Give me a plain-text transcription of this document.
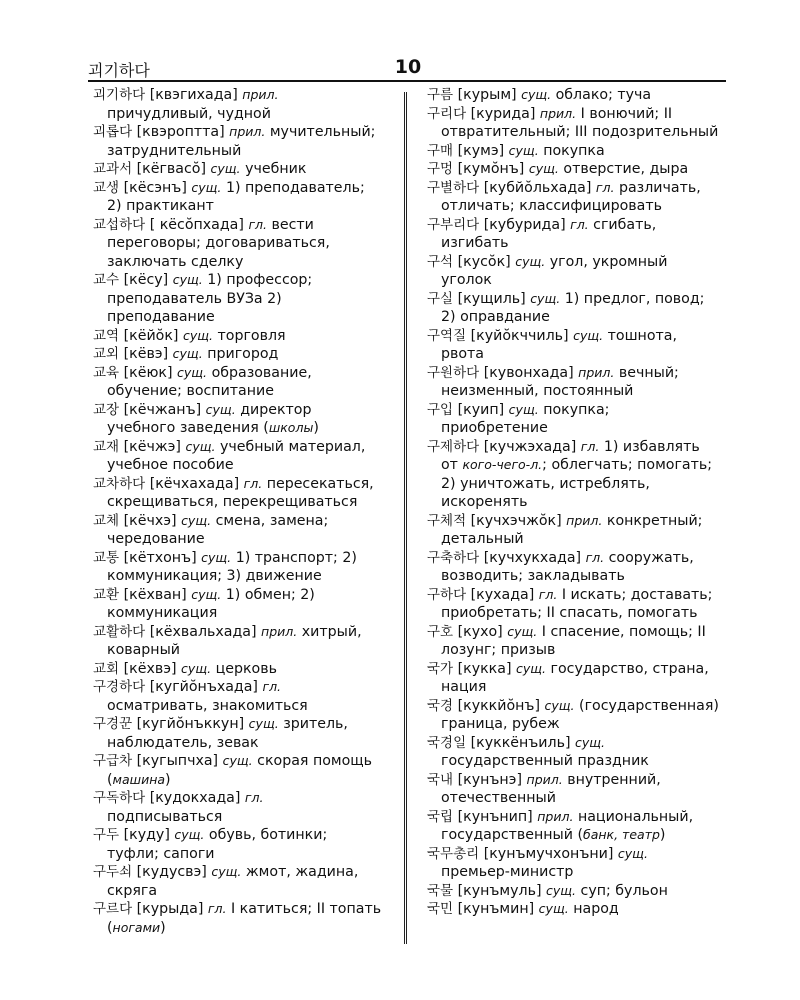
괴기하다	10

괴기하다 [квэгихада] прил. причудливый, чудной

괴롭다 [квэроптта] прил. мучительный; затруднительный

교과서 [кёгвасŏ] сущ. учебник

교생 [кёсэнъ] сущ. 1) преподаватель; 2) практикант

교섭하다 [ кёсŏпхада] гл. вести переговоры; договариваться, заключать сделку

교수 [кёсу] сущ. 1) профессор; преподаватель ВУЗа 2) преподавание

교역 [кёйŏк] сущ. торговля

교외 [кёвэ] сущ. пригород

교육 [кёюк] сущ. образование, обучение; воспитание

교장 [кёчжанъ] сущ. директор учебного заведения (школы)

교재 [кёчжэ] сущ. учебный материал, учебное пособие

교차하다 [кёчхахада] гл. пересекаться, скрещиваться, перекрещиваться

교체 [кёчхэ] сущ. смена, замена; чередование

교통 [кётхонъ] сущ. 1) транспорт; 2) коммуникация; 3) движение

교환 [кёхван] сущ. 1) обмен; 2) коммуникация

교활하다 [кёхвальхада] прил. хитрый, коварный

교회 [кёхвэ] сущ. церковь

구경하다 [кугйŏнъхада] гл. осматривать, знакомиться

구경꾼 [кугйŏнъккун] сущ. зритель, наблюдатель, зевак

구급차 [кугыпчха] сущ. скорая помощь (машина)

구독하다 [кудокхада] гл. подписываться

구두 [куду] сущ. обувь, ботинки; туфли; сапоги

구두쇠 [кудусвэ] сущ. жмот, жадина, скряга

구르다 [курыда] гл. I катиться; II топать (ногами)

구름 [курым] сущ. облако; туча

구리다 [курида] прил. I вонючий; II отвратительный; III подозрительный

구매 [кумэ] сущ. покупка

구멍 [кумŏнъ] сущ. отверстие, дыра

구별하다 [кубйŏльхада] гл. различать, отличать; классифицировать

구부리다 [кубурида] гл. сгибать, изгибать

구석 [кусŏк] сущ. угол, укромный уголок

구실 [кущиль] сущ. 1) предлог, повод; 2) оправдание

구역질 [куйŏкччиль] сущ. тошнота, рвота

구원하다 [кувонхада] прил. вечный; неизменный, постоянный

구입 [куип] сущ. покупка; приобретение

구제하다 [кучжэхада] гл. 1) избавлять от кого-чего-л.; облегчать; помогать; 2) уничтожать, истреблять, искоренять

구체적 [кучхэчжŏк] прил. конкретный; детальный

구축하다 [кучхукхада] гл. сооружать, возводить; закладывать

구하다 [кухада] гл. I искать; доставать; приобретать; II спасать, помогать

구호 [кухо] сущ. I спасение, помощь; II лозунг; призыв

국가 [кукка] сущ. государство, страна, нация

국경 [куккйŏнъ] сущ. (государственная) граница, рубеж

국경일 [куккёнъиль] сущ. государственный праздник

국내 [кунънэ] прил. внутренний, отечественный

국립 [кунънип] прил. национальный, государственный (банк, театр)

국무총리 [кунъмучхонъни] сущ. премьер-министр

국물 [кунъмуль] сущ. суп; бульон

국민 [кунъмин] сущ. народ
